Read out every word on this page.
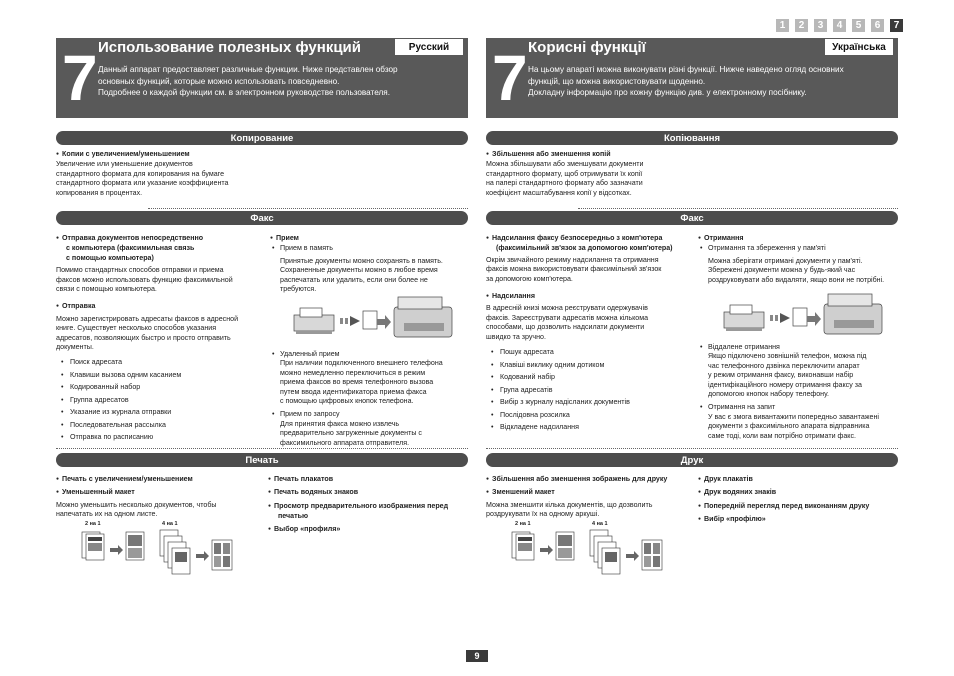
1	2	3	4	5	6	7
7 Использование полезных функций	Русский
Данный аппарат предоставляет различные функции. Ниже представлен обзор
основных функций, которые можно использовать повседневно.
Подробнее о каждой функции см. в электронном руководстве пользователя.
Копирование
● Копии с увеличением/уменьшением
Увеличение или уменьшение документов
стандартного формата для копирования на бумаге
стандартного формата или указание коэффициента
копирования в процентах.
Факс
● Отправка документов непосредственно
с компьютера (факсимильная связь
с помощью компьютера)
Помимо стандартных способов отправки и приема
факсов можно использовать функцию факсимильной
связи с помощью компьютера.
● Отправка
Можно зарегистрировать адресаты факсов в адресной
книге. Существует несколько способов указания
адресатов, позволяющих быстро и просто отправить
документы.
• Поиск адресата
• Клавиши вызова одним касанием
• Кодированный набор
• Группа адресатов
• Указание из журнала отправки
• Последовательная рассылка
• Отправка по расписанию
● Прием
• Прием в память
Принятые документы можно сохранять в память.
Сохраненные документы можно в любое время
распечатать или удалить, если они более не
требуются.
• Удаленный прием
При наличии подключенного внешнего телефона
можно немедленно переключиться в режим
приема факсов во время телефонного вызова
путем ввода идентификатора приема факса
с помощью цифровых кнопок телефона.
• Прием по запросу
Для принятия факса можно извлечь
предварительно загруженные документы с
факсимильного аппарата отправителя.
Печать
● Печать с увеличением/уменьшением
● Уменьшенный макет
Можно уменьшить несколько документов, чтобы
напечатать их на одном листе.
● Печать плакатов
● Печать водяных знаков
● Просмотр предварительного изображения перед
печатью
● Выбор «профиля»
2 на 1	4 на 1
7 Корисні функції	Українська
На цьому апараті можна виконувати різні функції. Нижче наведено огляд основних
функцій, що можна використовувати щоденно.
Докладну інформацію про кожну функцію див. у електронному посібнику.
Копіювання
● Збільшення або зменшення копій
Можна збільшувати або зменшувати документи
стандартного формату, щоб отримувати їх копії
на папері стандартного формату або зазначати
коефіцієнт масштабування копії у відсотках.
Факс
● Надсилання факсу безпосередньо з комп'ютера
(факсимільний зв'язок за допомогою комп'ютера)
Окрім звичайного режиму надсилання та отримання
факсів можна використовувати факсимільний зв'язок
за допомогою комп'ютера.
● Надсилання
В адресній книзі можна реєструвати одержувачів
факсів. Зареєструвати адресатів можна кількома
способами, що дозволить надсилати документи
швидко та зручно.
• Пошук адресата
• Клавіші виклику одним дотиком
• Кодований набір
• Група адресатів
• Вибір з журналу надісланих документів
• Послідовна розсилка
• Відкладене надсилання
● Отримання
• Отримання та збереження у пам'яті
Можна зберігати отримані документи у пам'яті.
Збережені документи можна у будь-який час
роздруковувати або видаляти, якщо вони не потрібні.
• Віддалене отримання
Якщо підключено зовнішній телефон, можна під
час телефонного дзвінка переключити апарат
у режим отримання факсу, виконавши набір
ідентифікаційного номеру отримання факсу за
допомогою кнопок набору телефону.
• Отримання на запит
У вас є змога вивантажити попередньо завантажені
документи з факсимільного апарата відправника
саме тоді, коли вам потрібно отримати факс.
Друк
● Збільшення або зменшення зображень для друку
● Зменшений макет
Можна зменшити кілька документів, що дозволить
роздрукувати їх на одному аркуші.
● Друк плакатів
● Друк водяних знаків
● Попередній перегляд перед виконанням друку
● Вибір «профілю»
2 на 1	4 на 1
9
